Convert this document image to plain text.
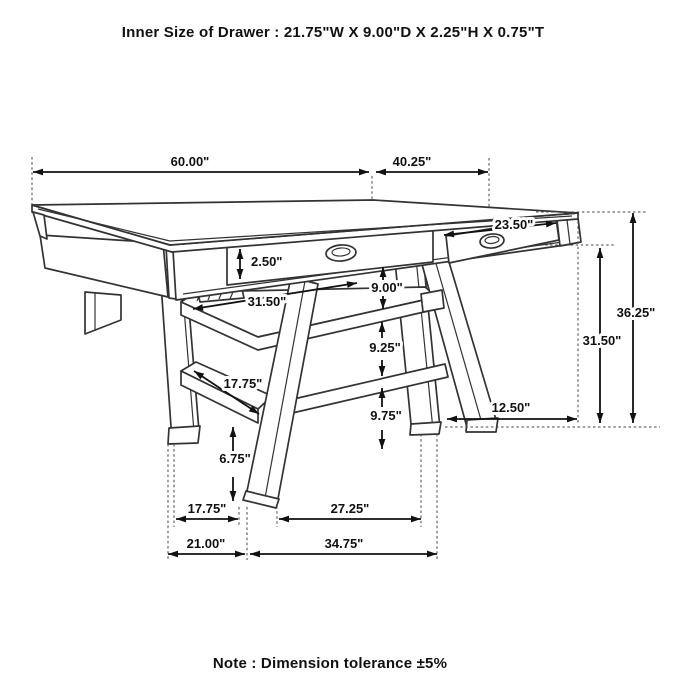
Inner Size of Drawer : 21.75"W X 9.00"D X 2.25"H X 0.75"T
60.00"	40.25"
23.50"
2.50"
31.50"
9.00"
9.25"
9.75"
17.75"
6.75"
31.50"
36.25"
12.50"
17.75"	27.25"
21.00"	34.75"
Note : Dimension tolerance ±5%
